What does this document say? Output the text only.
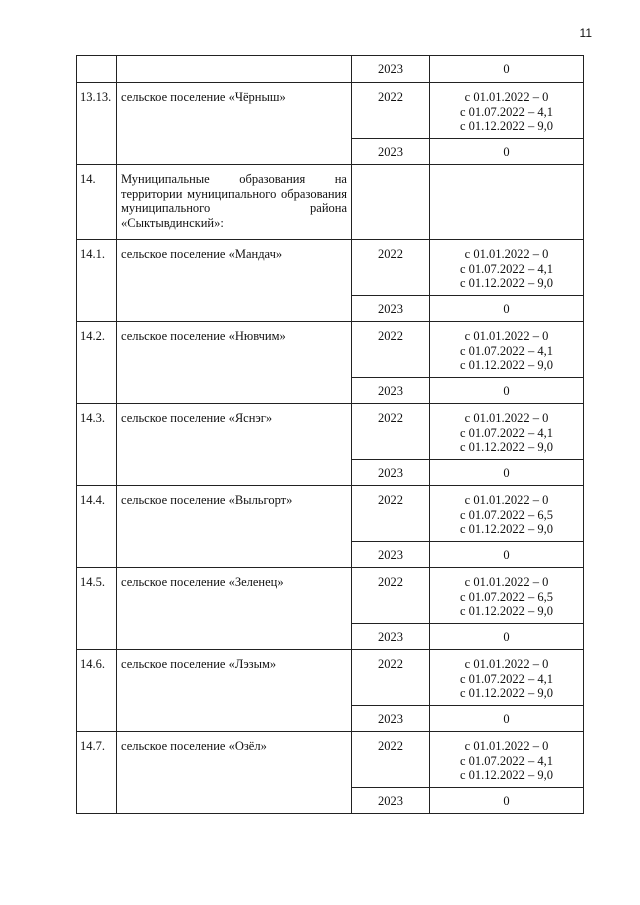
11
		2023	0
13.13.	сельское поселение «Чёрныш»	2022	с 01.01.2022 – 0
с 01.07.2022 – 4,1
с 01.12.2022 – 9,0

		2023	0
14.	Муниципальные образования на территории муниципального образования муниципального района «Сыктывдинский»:		
14.1.	сельское поселение «Мандач»	2022	с 01.01.2022 – 0
с 01.07.2022 – 4,1
с 01.12.2022 – 9,0

		2023	0
14.2.	сельское поселение «Нювчим»	2022	с 01.01.2022 – 0
с 01.07.2022 – 4,1
с 01.12.2022 – 9,0

		2023	0
14.3.	сельское поселение «Яснэг»	2022	с 01.01.2022 – 0
с 01.07.2022 – 4,1
с 01.12.2022 – 9,0

		2023	0
14.4.	сельское поселение «Выльгорт»	2022	с 01.01.2022 – 0
с 01.07.2022 – 6,5
с 01.12.2022 – 9,0

		2023	0
14.5.	сельское поселение «Зеленец»	2022	с 01.01.2022 – 0
с 01.07.2022 – 6,5
с 01.12.2022 – 9,0

		2023	0
14.6.	сельское поселение «Лэзым»	2022	с 01.01.2022 – 0
с 01.07.2022 – 4,1
с 01.12.2022 – 9,0

		2023	0
14.7.	сельское поселение «Озёл»	2022	с 01.01.2022 – 0
с 01.07.2022 – 4,1
с 01.12.2022 – 9,0

		2023	0
